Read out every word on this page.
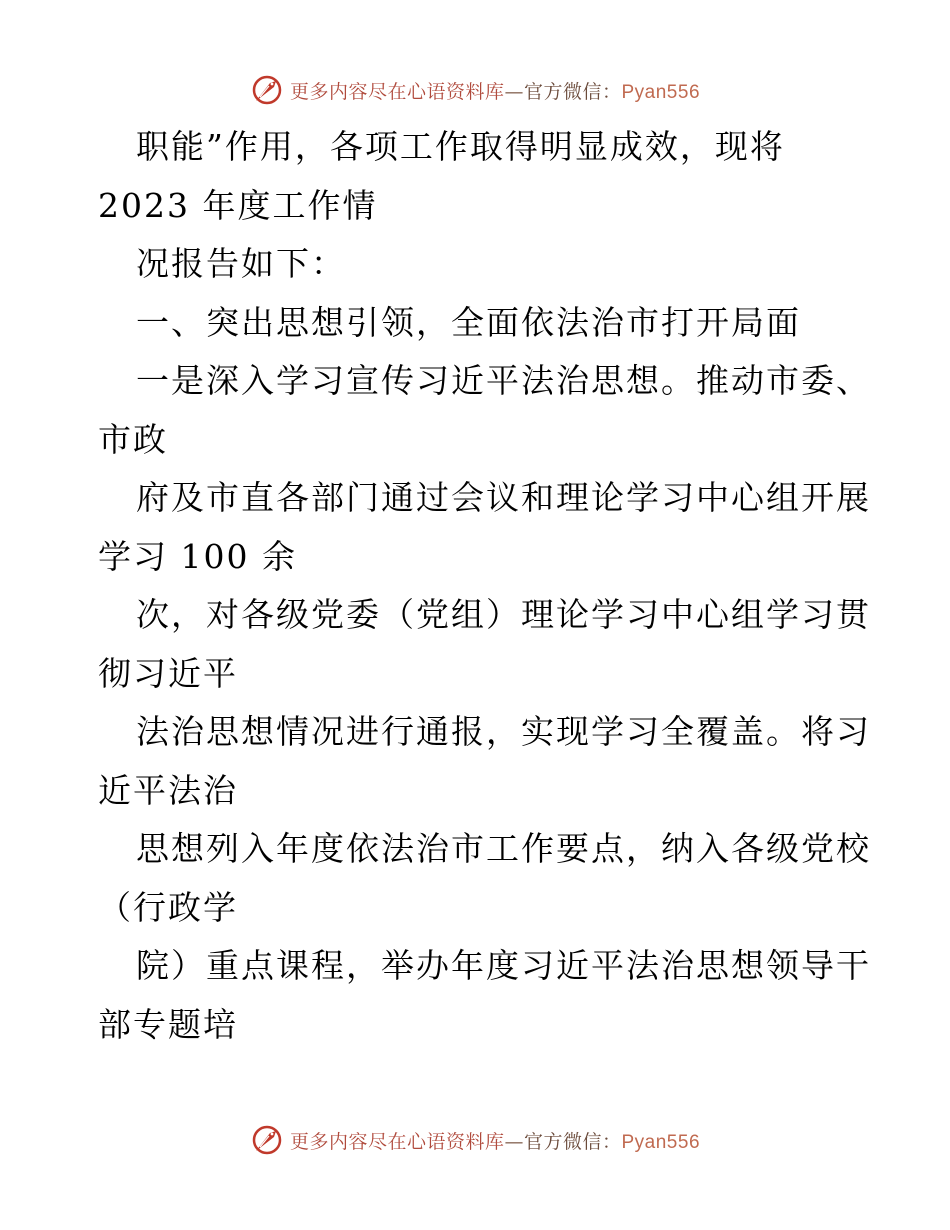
更多内容尽在心语资料库—官方微信：Pyan556
职能”作用，各项工作取得明显成效，现将
2023 年度工作情
况报告如下：
一、突出思想引领，全面依法治市打开局面
一是深入学习宣传习近平法治思想。推动市委、
市政
府及市直各部门通过会议和理论学习中心组开展
学习 100 余
次，对各级党委（党组）理论学习中心组学习贯
彻习近平
法治思想情况进行通报，实现学习全覆盖。将习
近平法治
思想列入年度依法治市工作要点，纳入各级党校
（行政学
院）重点课程，举办年度习近平法治思想领导干
部专题培
更多内容尽在心语资料库—官方微信：Pyan556
